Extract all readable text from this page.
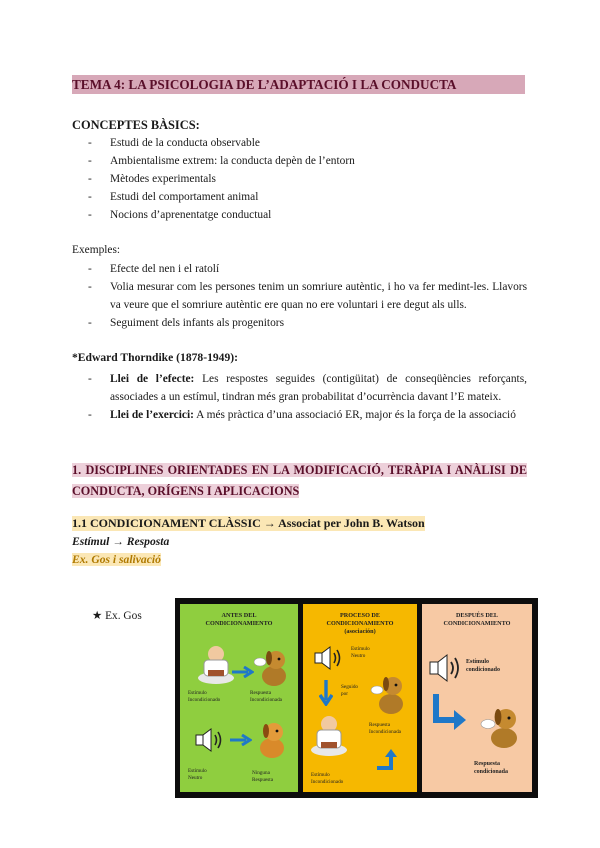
TEMA 4: LA PSICOLOGIA DE L’ADAPTACIÓ I LA CONDUCTA
CONCEPTES BÀSICS:
- Estudi de la conducta observable
- Ambientalisme extrem: la conducta depèn de l’entorn
- Mètodes experimentals
- Estudi del comportament animal
- Nocions d’aprenentatge conductual
Exemples:
- Efecte del nen i el ratolí
- Volia mesurar com les persones tenim un somriure autèntic, i ho va fer medint-les. Llavors va veure que el somriure autèntic ere quan no ere voluntari i ere degut als ulls.
- Seguiment dels infants als progenitors
*Edward Thorndike (1878-1949):
- Llei de l’efecte: Les respostes seguides (contigüitat) de conseqüències reforçants, associades a un estímul, tindran més gran probabilitat d’ocurrència davant l’E mateix.
- Llei de l’exercici: A més pràctica d’una associació ER, major és la força de la associació
1. DISCIPLINES ORIENTADES EN LA MODIFICACIÓ, TERÀPIA I ANÀLISI DE CONDUCTA, ORÍGENS I APLICACIONS
1.1 CONDICIONAMENT CLÀSSIC → Associat per John B. Watson
Estímul → Resposta
Ex. Gos i salivació
★ Ex. Gos	ANTES DEL
CONDICIONAMIENTO
Estímulo
Incondicionado
Respuesta
Incondicionada
Estímulo
Neutro
Ninguna
Respuesta
PROCESO DE
CONDICIONAMIENTO
(asociación)
Estímulo
Neutro
Seguido
por
Respuesta
Incondicionada
Estímulo
Incondicionado
DESPUÉS DEL
CONDICIONAMIENTO
Estímulo
condicionado
Respuesta
condicionada
